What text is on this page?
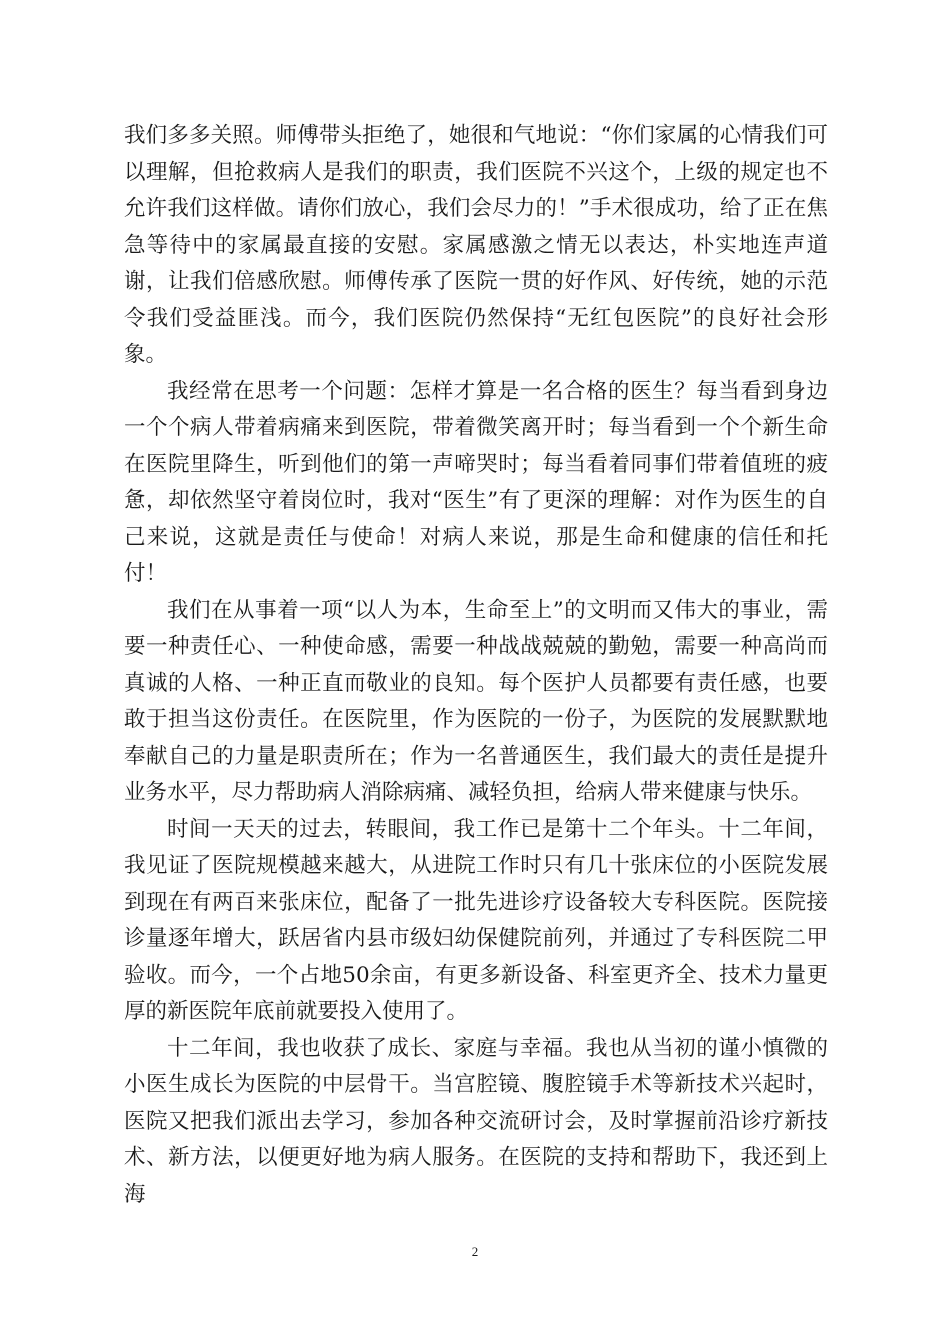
我们多多关照。师傅带头拒绝了，她很和气地说：“你们家属的心情我们可以理解，但抢救病人是我们的职责，我们医院不兴这个，上级的规定也不允许我们这样做。请你们放心，我们会尽力的！”手术很成功，给了正在焦急等待中的家属最直接的安慰。家属感激之情无以表达，朴实地连声道谢，让我们倍感欣慰。师傅传承了医院一贯的好作风、好传统，她的示范令我们受益匪浅。而今，我们医院仍然保持“无红包医院”的良好社会形象。

我经常在思考一个问题：怎样才算是一名合格的医生？每当看到身边一个个病人带着病痛来到医院，带着微笑离开时；每当看到一个个新生命在医院里降生，听到他们的第一声啼哭时；每当看着同事们带着值班的疲惫，却依然坚守着岗位时，我对“医生”有了更深的理解：对作为医生的自己来说，这就是责任与使命！对病人来说，那是生命和健康的信任和托付！

我们在从事着一项“以人为本，生命至上”的文明而又伟大的事业，需要一种责任心、一种使命感，需要一种战战兢兢的勤勉，需要一种高尚而真诚的人格、一种正直而敬业的良知。每个医护人员都要有责任感，也要敢于担当这份责任。在医院里，作为医院的一份子，为医院的发展默默地奉献自己的力量是职责所在；作为一名普通医生，我们最大的责任是提升业务水平，尽力帮助病人消除病痛、减轻负担，给病人带来健康与快乐。

时间一天天的过去，转眼间，我工作已是第十二个年头。十二年间，我见证了医院规模越来越大，从进院工作时只有几十张床位的小医院发展到现在有两百来张床位，配备了一批先进诊疗设备较大专科医院。医院接诊量逐年增大，跃居省内县市级妇幼保健院前列，并通过了专科医院二甲验收。而今，一个占地50余亩，有更多新设备、科室更齐全、技术力量更厚的新医院年底前就要投入使用了。

十二年间，我也收获了成长、家庭与幸福。我也从当初的谨小慎微的小医生成长为医院的中层骨干。当宫腔镜、腹腔镜手术等新技术兴起时，医院又把我们派出去学习，参加各种交流研讨会，及时掌握前沿诊疗新技术、新方法，以便更好地为病人服务。在医院的支持和帮助下，我还到上海

2
